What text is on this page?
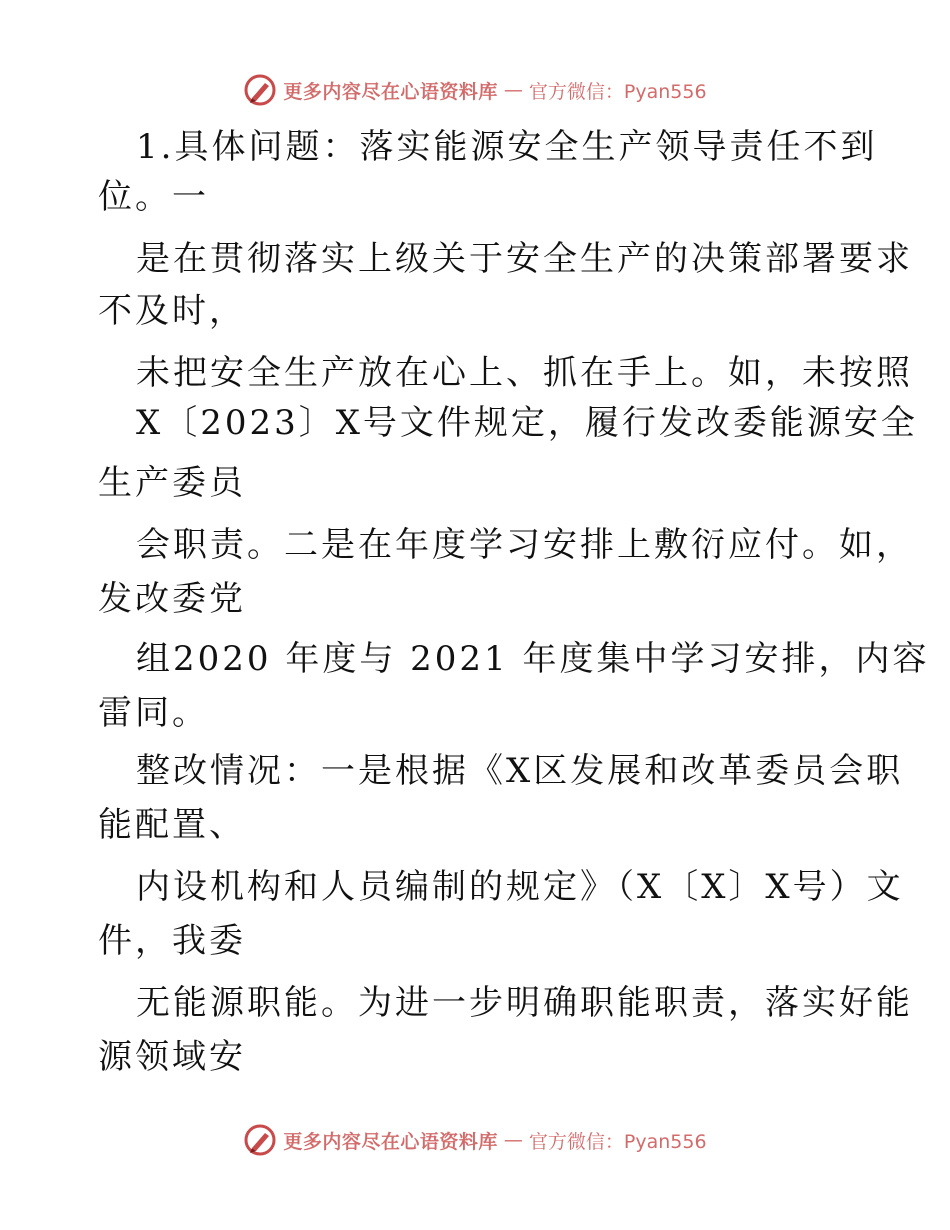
更多内容尽在心语资料库 — 官方微信：Pyan556
1.具体问题：落实能源安全生产领导责任不到
位。一
是在贯彻落实上级关于安全生产的决策部署要求
不及时，
未把安全生产放在心上、抓在手上。如，未按照
X〔2023〕X号文件规定，履行发改委能源安全
生产委员
会职责。二是在年度学习安排上敷衍应付。如，
发改委党
组2020 年度与 2021 年度集中学习安排，内容
雷同。
整改情况：一是根据《X区发展和改革委员会职
能配置、
内设机构和人员编制的规定》（X〔X〕X号）文
件，我委
无能源职能。为进一步明确职能职责，落实好能
源领域安
更多内容尽在心语资料库 — 官方微信：Pyan556
